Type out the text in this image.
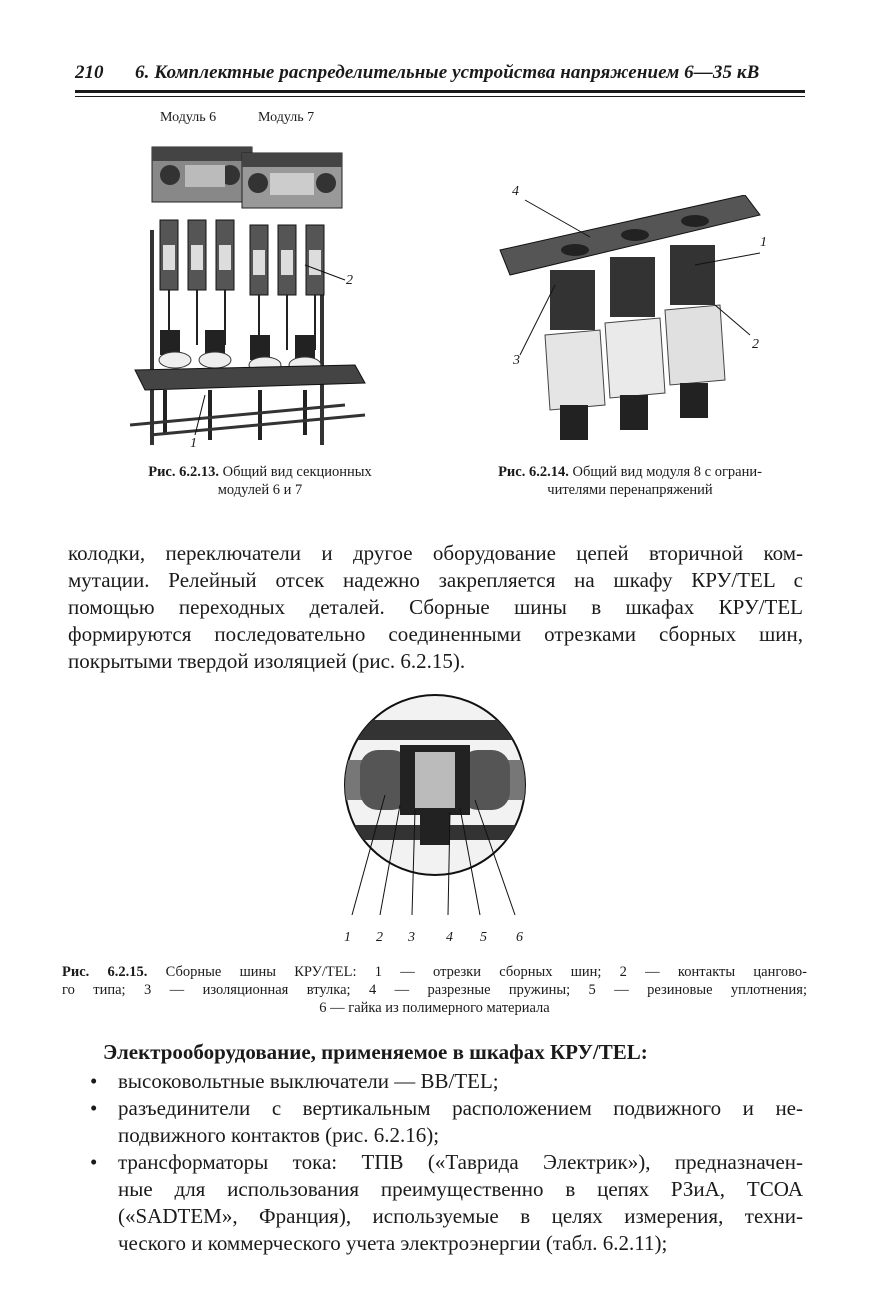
210 6. Комплектные распределительные устройства напряжением 6—35 кВ
Модуль 6	Модуль 7
2
1
Рис. 6.2.13. Общий вид секционных
модулей 6 и 7
4
1
2
3
Рис. 6.2.14. Общий вид модуля 8 с ограни-
чителями перенапряжений
колодки, переключатели и другое оборудование цепей вторичной ком-
мутации. Релейный отсек надежно закрепляется на шкафу КРУ/TEL с
помощью переходных деталей. Сборные шины в шкафах КРУ/TEL
формируются последовательно соединенными отрезками сборных шин,
покрытыми твердой изоляцией (рис. 6.2.15).
1 2 3 4 5 6
Рис. 6.2.15. Сборные шины КРУ/TEL: 1 — отрезки сборных шин; 2 — контакты цангово-
го типа; 3 — изоляционная втулка; 4 — разрезные пружины; 5 — резиновые уплотнения;
6 — гайка из полимерного материала
Электрооборудование, применяемое в шкафах КРУ/TEL:
• высоковольтные выключатели — BB/TEL;
• разъединители с вертикальным расположением подвижного и не-
подвижного контактов (рис. 6.2.16);
• трансформаторы тока: ТПВ («Таврида Электрик»), предназначен-
ные для использования преимущественно в цепях РЗиА, ТСОА
(«SADTEM», Франция), используемые в целях измерения, техни-
ческого и коммерческого учета электроэнергии (табл. 6.2.11);
